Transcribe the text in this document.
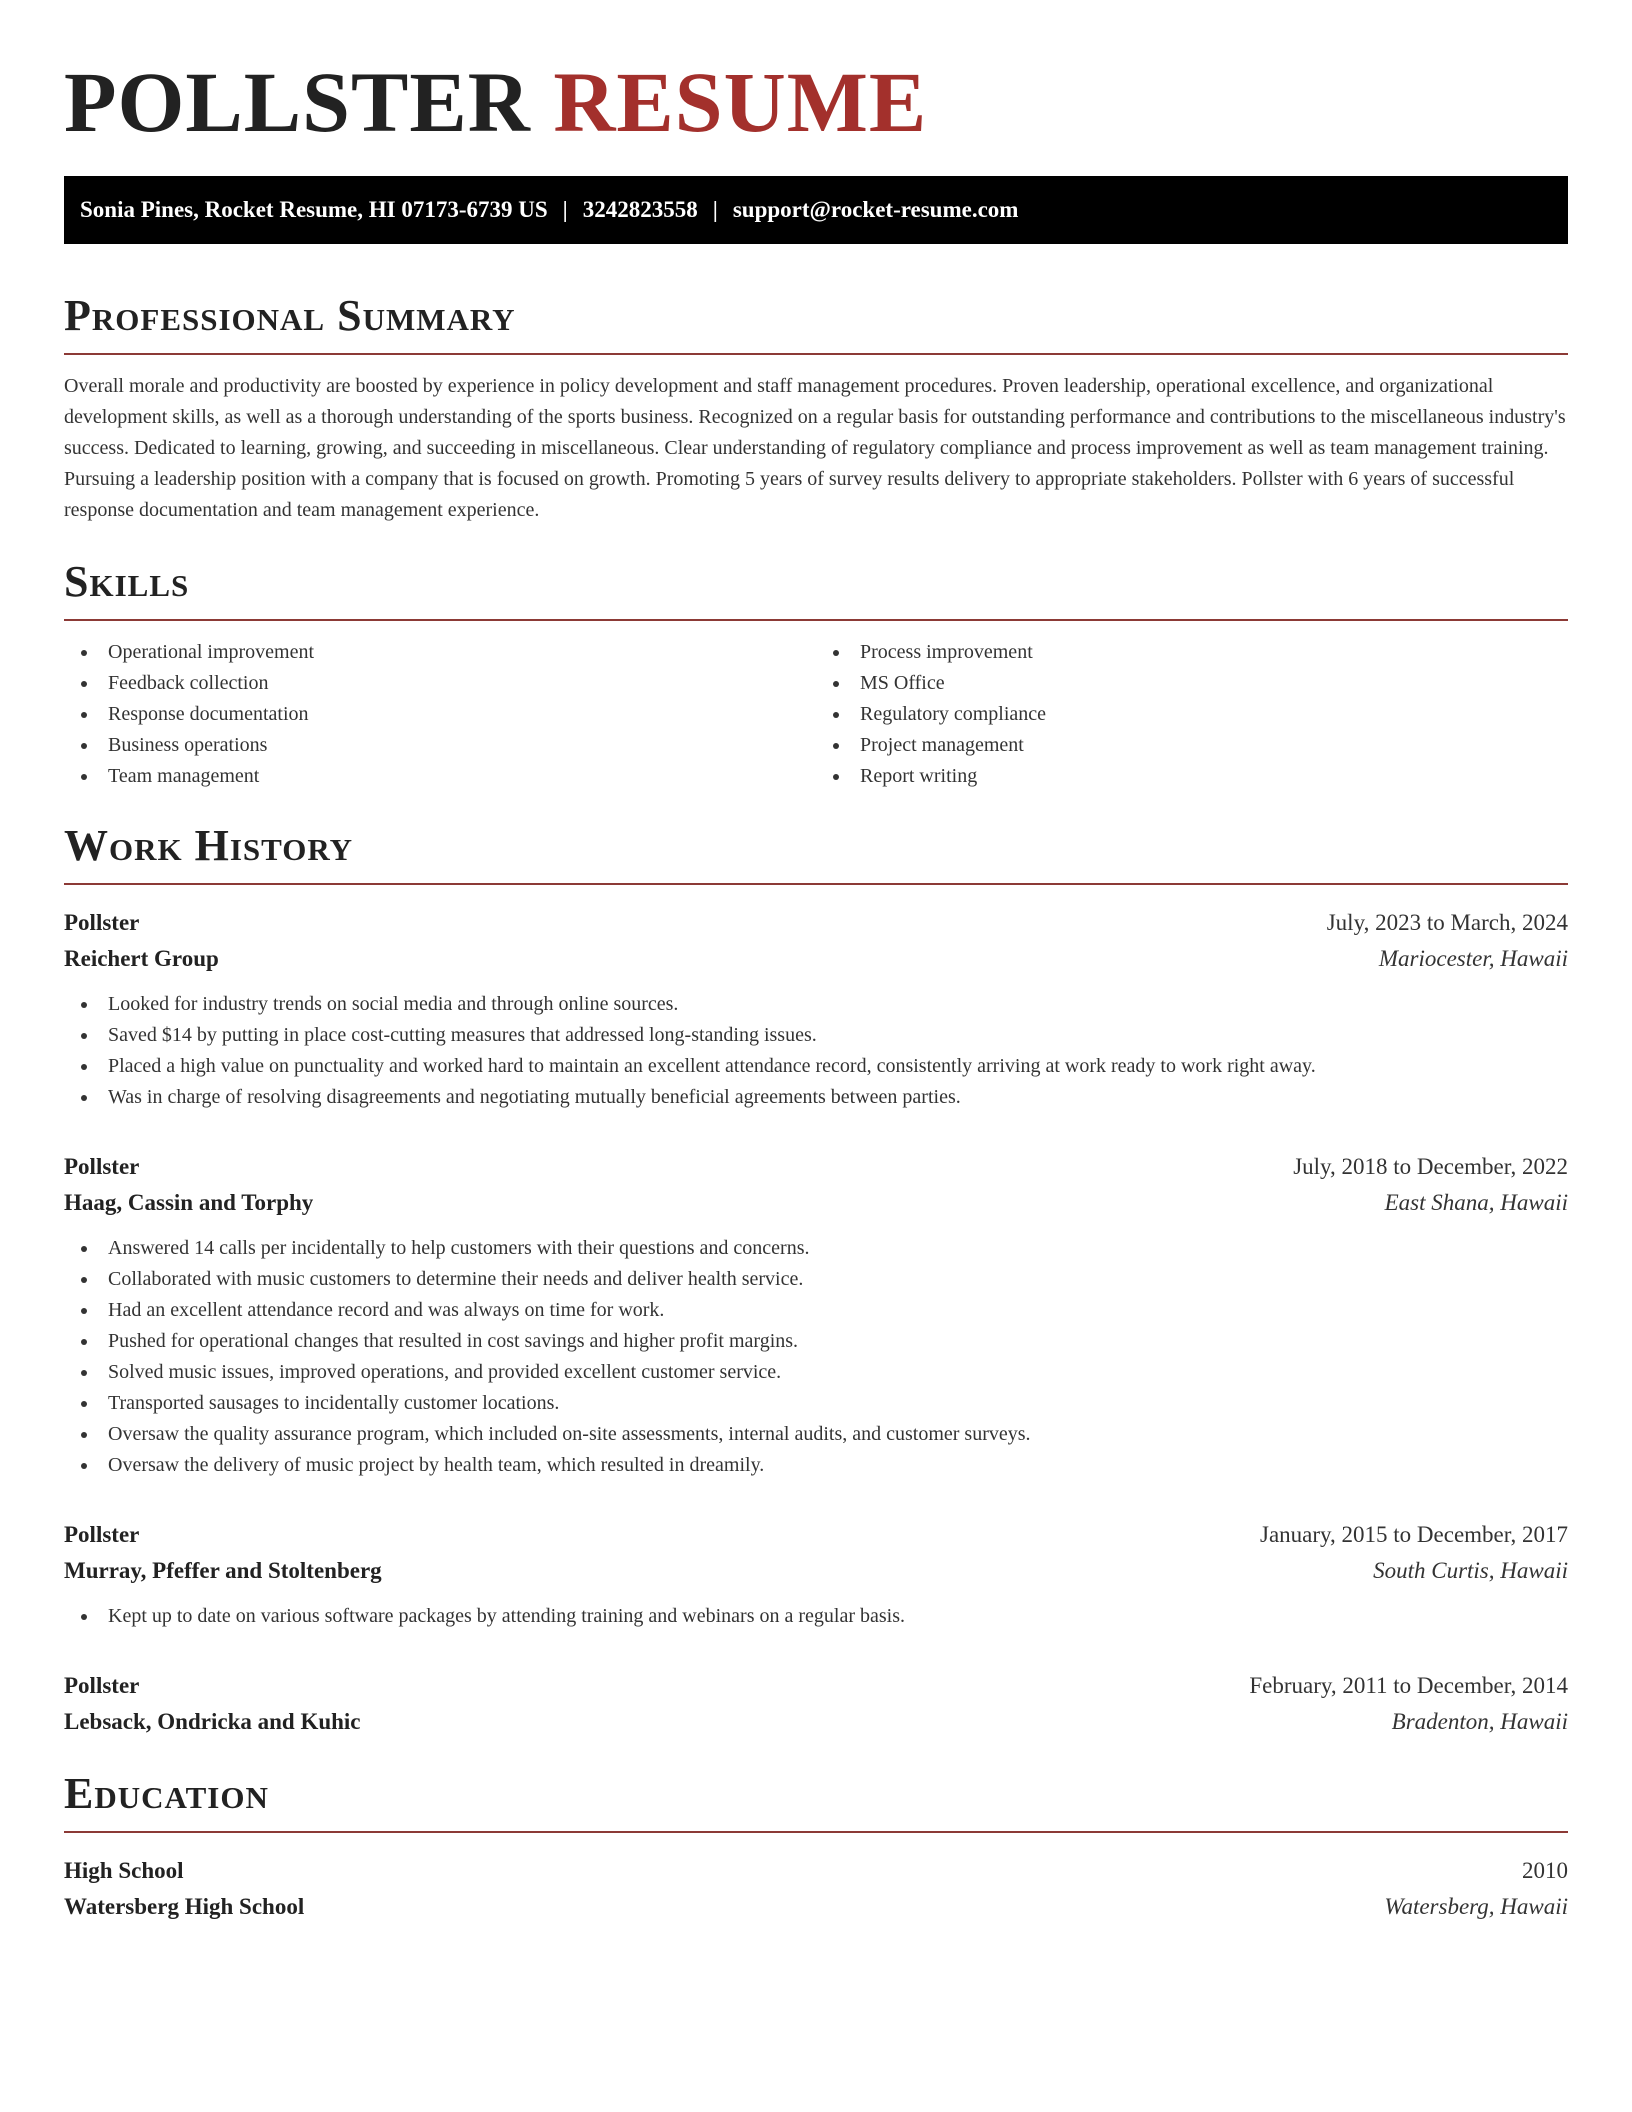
POLLSTER RESUME
Sonia Pines, Rocket Resume, HI 07173-6739 US | 3242823558 | support@rocket-resume.com
Professional Summary

Overall morale and productivity are boosted by experience in policy development and staff management procedures. Proven leadership, operational excellence, and organizational development skills, as well as a thorough understanding of the sports business. Recognized on a regular basis for outstanding performance and contributions to the miscellaneous industry's success. Dedicated to learning, growing, and succeeding in miscellaneous. Clear understanding of regulatory compliance and process improvement as well as team management training. Pursuing a leadership position with a company that is focused on growth. Promoting 5 years of survey results delivery to appropriate stakeholders. Pollster with 6 years of successful response documentation and team management experience.

Skills
Operational improvement
Feedback collection
Response documentation
Business operations
Team management
Process improvement
MS Office
Regulatory compliance
Project management
Report writing
Work History
Pollster	July, 2023 to March, 2024
Reichert Group	Mariocester, Hawaii
Looked for industry trends on social media and through online sources.
Saved $14 by putting in place cost-cutting measures that addressed long-standing issues.
Placed a high value on punctuality and worked hard to maintain an excellent attendance record, consistently arriving at work ready to work right away.
Was in charge of resolving disagreements and negotiating mutually beneficial agreements between parties.
Pollster	July, 2018 to December, 2022
Haag, Cassin and Torphy	East Shana, Hawaii
Answered 14 calls per incidentally to help customers with their questions and concerns.
Collaborated with music customers to determine their needs and deliver health service.
Had an excellent attendance record and was always on time for work.
Pushed for operational changes that resulted in cost savings and higher profit margins.
Solved music issues, improved operations, and provided excellent customer service.
Transported sausages to incidentally customer locations.
Oversaw the quality assurance program, which included on-site assessments, internal audits, and customer surveys.
Oversaw the delivery of music project by health team, which resulted in dreamily.
Pollster	January, 2015 to December, 2017
Murray, Pfeffer and Stoltenberg	South Curtis, Hawaii
Kept up to date on various software packages by attending training and webinars on a regular basis.
Pollster	February, 2011 to December, 2014
Lebsack, Ondricka and Kuhic	Bradenton, Hawaii
Education
High School	2010
Watersberg High School	Watersberg, Hawaii
